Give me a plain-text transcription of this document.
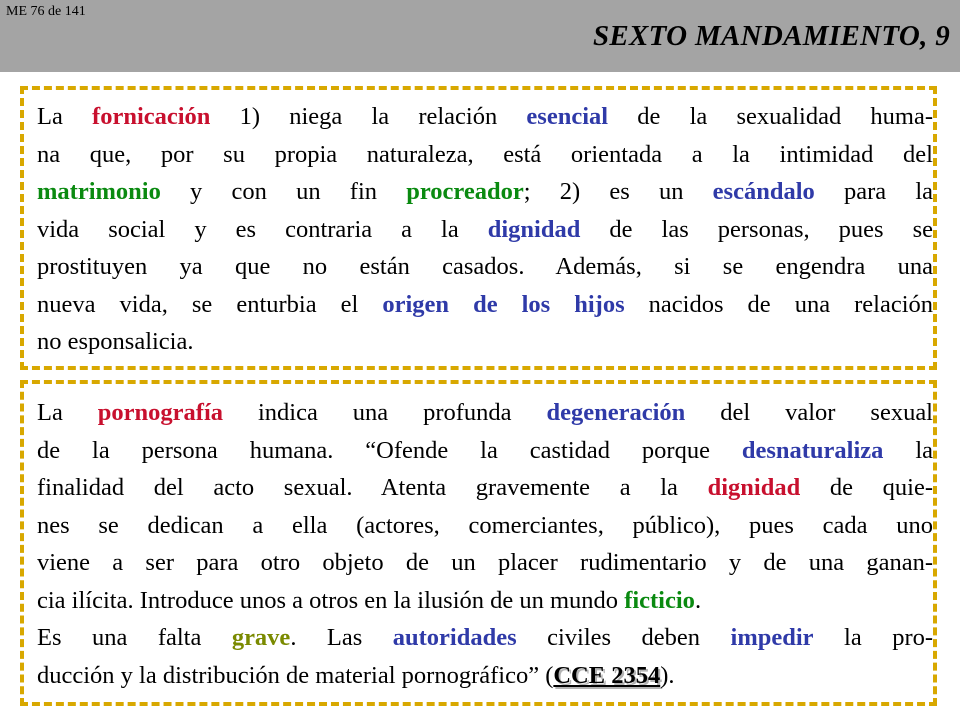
ME 76 de 141
SEXTO MANDAMIENTO, 9
La fornicación 1) niega la relación esencial de la sexualidad huma-
na que, por su propia naturaleza, está orientada a la intimidad del
matrimonio y con un fin procreador; 2) es un escándalo para la
vida social y es contraria a la dignidad de las personas, pues se
prostituyen ya que no están casados. Además, si se engendra una
nueva vida, se enturbia el origen de los hijos nacidos de una relación
no esponsalicia.
La pornografía indica una profunda degeneración del valor sexual
de la persona humana. “Ofende la castidad porque desnaturaliza la
finalidad del acto sexual. Atenta gravemente a la dignidad de quie-
nes se dedican a ella (actores, comerciantes, público), pues cada uno
viene a ser para otro objeto de un placer rudimentario y de una ganan-
cia ilícita. Introduce unos a otros en la ilusión de un mundo ficticio.
Es una falta grave. Las autoridades civiles deben impedir la pro-
ducción y la distribución de material pornográfico” (CCE 2354).
